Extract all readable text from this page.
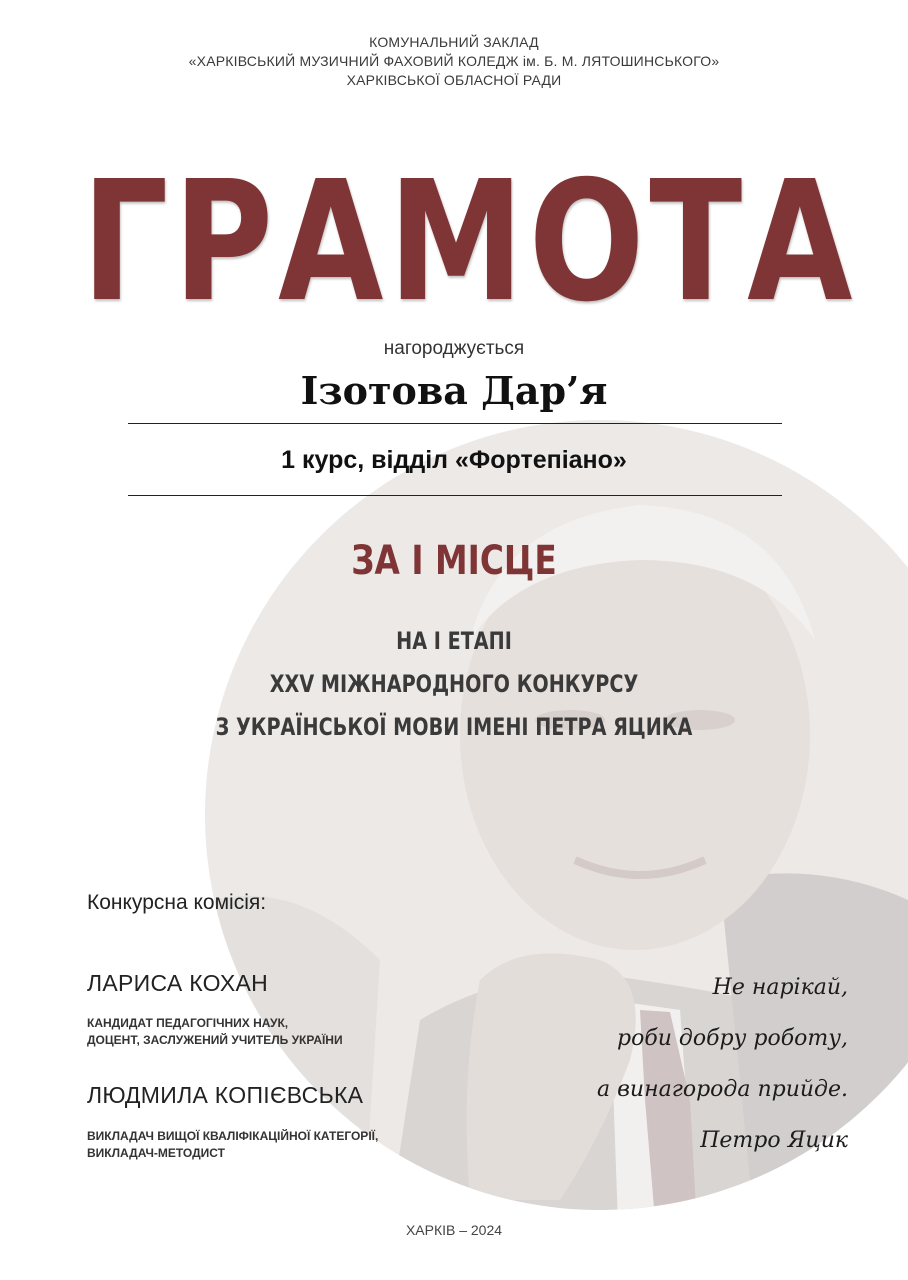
КОМУНАЛЬНИЙ ЗАКЛАД
«ХАРКІВСЬКИЙ МУЗИЧНИЙ ФАХОВИЙ КОЛЕДЖ ім. Б. М. ЛЯТОШИНСЬКОГО»
ХАРКІВСЬКОЇ ОБЛАСНОЇ РАДИ
ГРАМОТА
нагороджується
Ізотова Дар’я
1 курс, відділ «Фортепіано»
ЗА І МІСЦЕ
НА І ЕТАПІ
XXV МІЖНАРОДНОГО КОНКУРСУ
З УКРАЇНСЬКОЇ МОВИ ІМЕНІ ПЕТРА ЯЦИКА
Конкурсна комісія:
ЛАРИСА КОХАН
КАНДИДАТ ПЕДАГОГІЧНИХ НАУК,
ДОЦЕНТ, ЗАСЛУЖЕНИЙ УЧИТЕЛЬ УКРАЇНИ
ЛЮДМИЛА КОПІЄВСЬКА
ВИКЛАДАЧ ВИЩОЇ КВАЛІФІКАЦІЙНОЇ КАТЕГОРІЇ,
ВИКЛАДАЧ-МЕТОДИСТ
Не нарікай,
роби добру роботу,
а винагорода прийде.
Петро Яцик
ХАРКІВ – 2024
